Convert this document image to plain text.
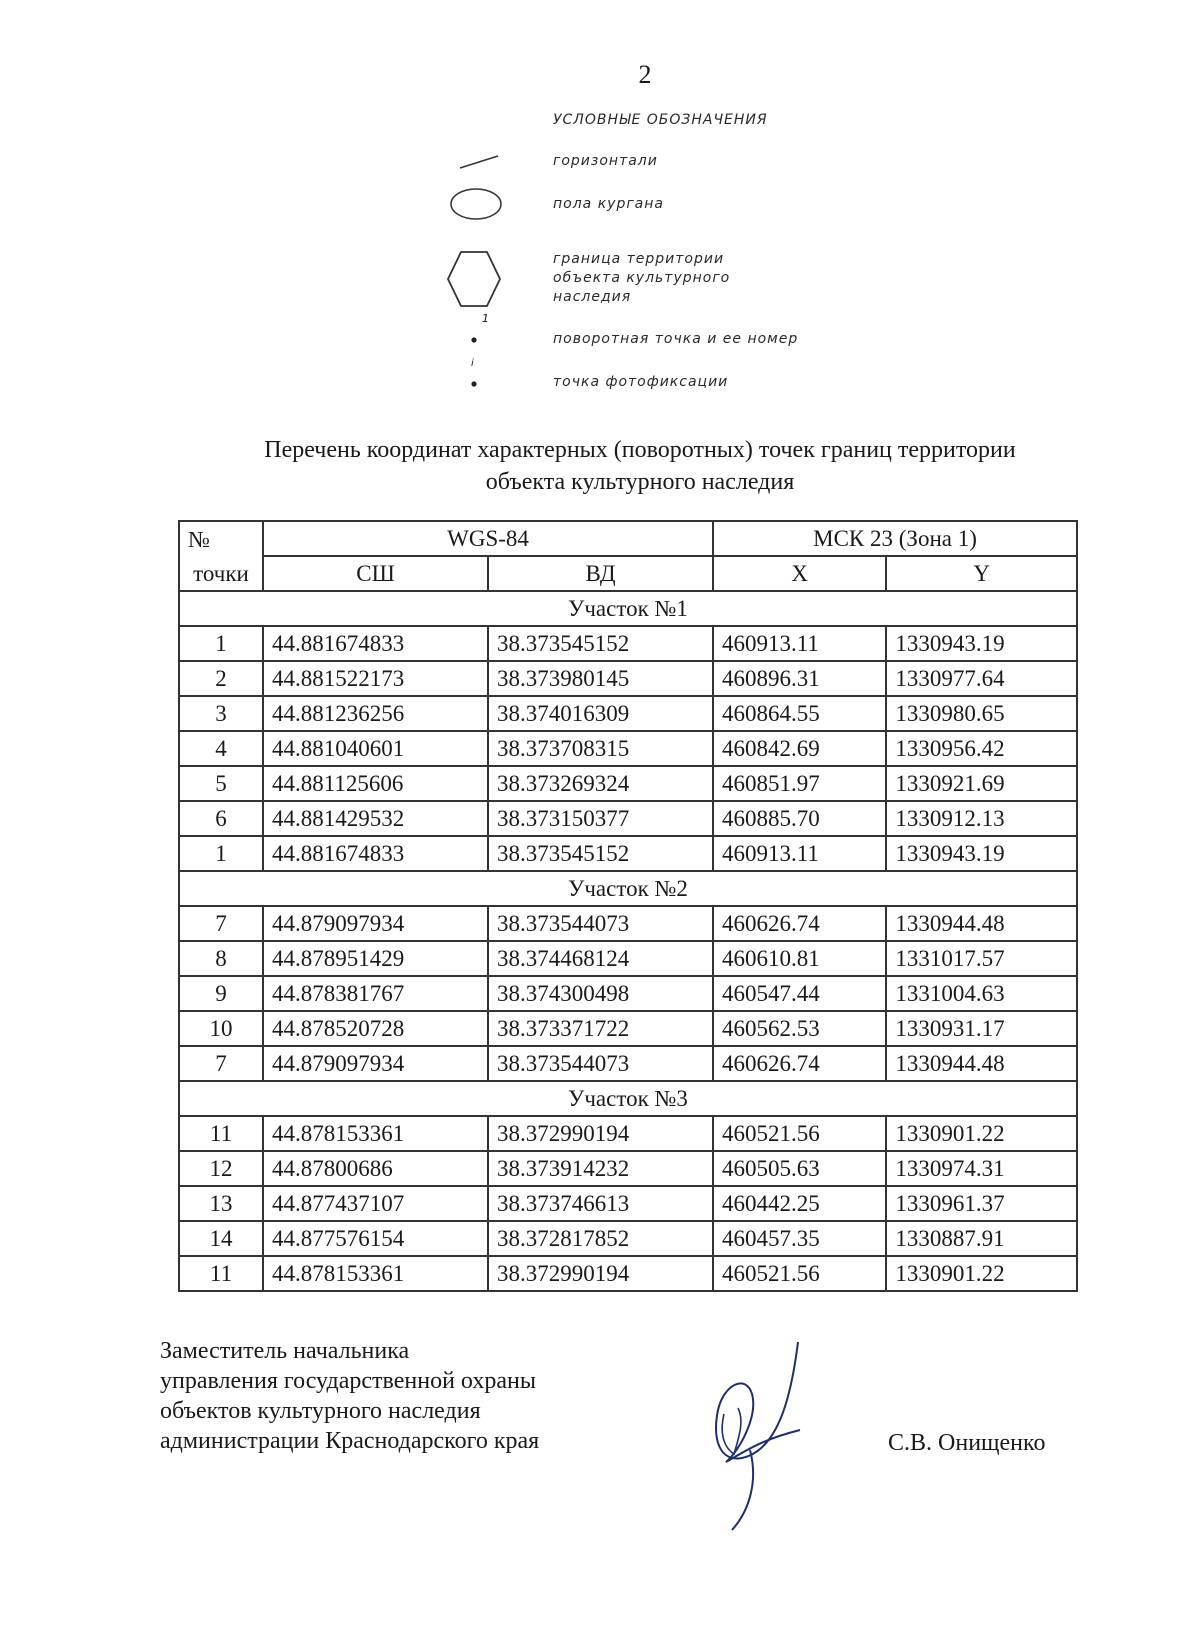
2
УСЛОВНЫЕ ОБОЗНАЧЕНИЯ
горизонтали
пола кургана
граница территории
объекта культурного
наследия
1
поворотная точка и ее номер
i
точка фотофиксации
Перечень координат характерных (поворотных) точек границ территории
объекта культурного наследия
№	WGS-84		МСК 23 (Зона 1)	
точки	СШ	ВД	X	Y
Участок №1				
1	44.881674833	38.373545152	460913.11	1330943.19
2	44.881522173	38.373980145	460896.31	1330977.64
3	44.881236256	38.374016309	460864.55	1330980.65
4	44.881040601	38.373708315	460842.69	1330956.42
5	44.881125606	38.373269324	460851.97	1330921.69
6	44.881429532	38.373150377	460885.70	1330912.13
1	44.881674833	38.373545152	460913.11	1330943.19
Участок №2				
7	44.879097934	38.373544073	460626.74	1330944.48
8	44.878951429	38.374468124	460610.81	1331017.57
9	44.878381767	38.374300498	460547.44	1331004.63
10	44.878520728	38.373371722	460562.53	1330931.17
7	44.879097934	38.373544073	460626.74	1330944.48
Участок №3				
11	44.878153361	38.372990194	460521.56	1330901.22
12	44.87800686	38.373914232	460505.63	1330974.31
13	44.877437107	38.373746613	460442.25	1330961.37
14	44.877576154	38.372817852	460457.35	1330887.91
11	44.878153361	38.372990194	460521.56	1330901.22
Заместитель начальника
управления государственной охраны
объектов культурного наследия
администрации Краснодарского края	С.В. Онищенко
